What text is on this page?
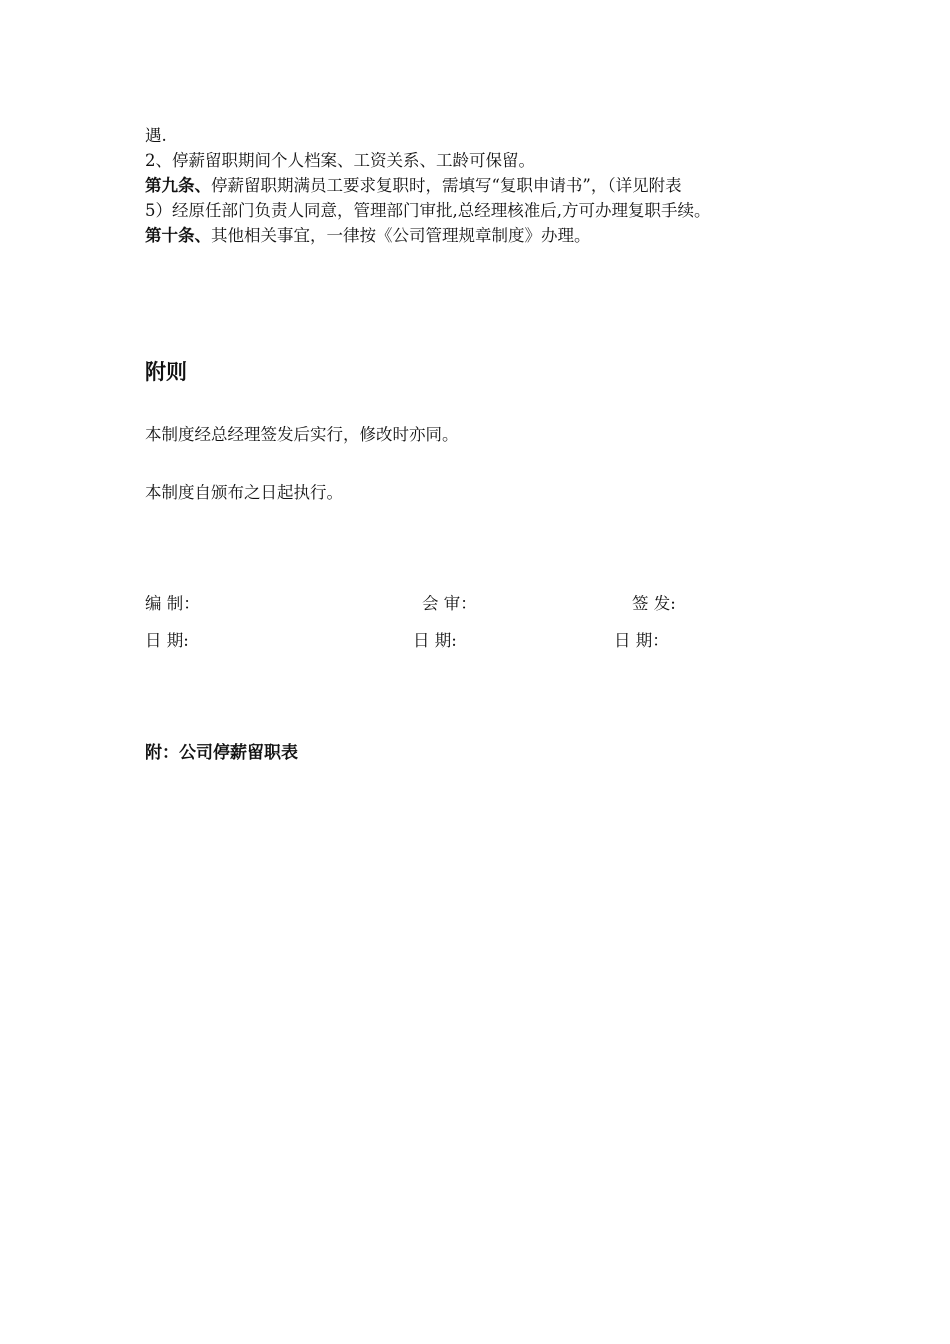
遇.
2、停薪留职期间个人档案、工资关系、工龄可保留。
第九条、停薪留职期满员工要求复职时，需填写“复职申请书”，（详见附表
5）经原任部门负责人同意，管理部门审批,总经理核准后,方可办理复职手续。
第十条、其他相关事宜，一律按《公司管理规章制度》办理。
附则
本制度经总经理签发后实行，修改时亦同。
本制度自颁布之日起执行。
编 制：	会 审：	签 发:
日 期:	日 期:	日 期：
附：公司停薪留职表
